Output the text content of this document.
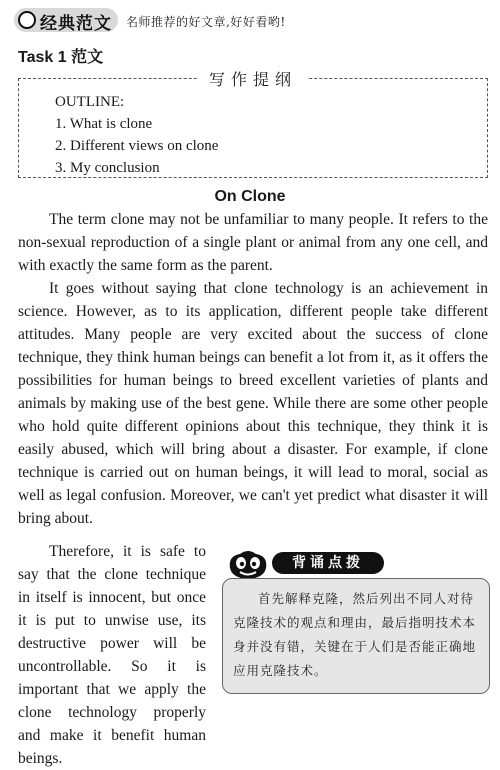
经典范文 名师推荐的好文章,好好看哟!
Task 1 范文
写作提纲
OUTLINE:
1. What is clone
2. Different views on clone
3. My conclusion
On Clone

The term clone may not be unfamiliar to many people. It refers to the non-sexual reproduction of a single plant or animal from any one cell, and with exactly the same form as the parent.

It goes without saying that clone technology is an achievement in science. However, as to its application, different people take different attitudes. Many people are very excited about the success of clone technique, they think human beings can benefit a lot from it, as it offers the possibilities for human beings to breed excellent varieties of plants and animals by making use of the best gene. While there are some other people who hold quite different opinions about this technique, they think it is easily abused, which will bring about a disaster. For example, if clone technique is carried out on human beings, it will lead to moral, social as well as legal confusion. Moreover, we can't yet predict what disaster it will bring about.

Therefore, it is safe to say that the clone technique in itself is innocent, but once it is put to unwise use, its destructive power will be uncontrollable. So it is important that we apply the clone technology properly and make it benefit human beings.

背诵点拨
首先解释克隆，然后列出不同人对待克隆技术的观点和理由，最后指明技术本身并没有错，关键在于人们是否能正确地应用克隆技术。
